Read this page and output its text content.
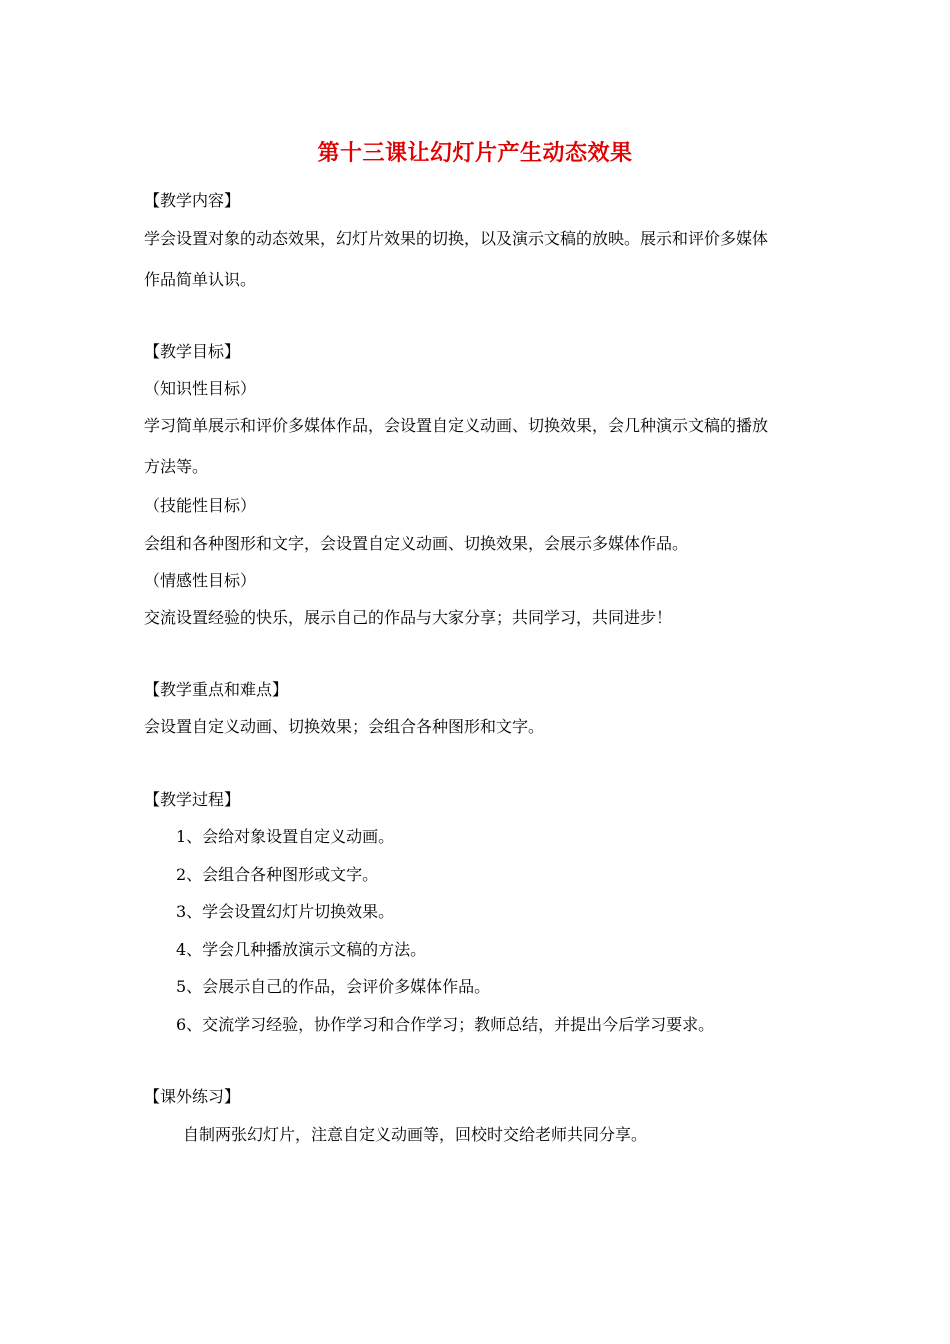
第十三课让幻灯片产生动态效果
【教学内容】
学会设置对象的动态效果，幻灯片效果的切换，以及演示文稿的放映。展示和评价多媒体
作品简单认识。
【教学目标】
（知识性目标）
学习简单展示和评价多媒体作品，会设置自定义动画、切换效果，会几种演示文稿的播放
方法等。
（技能性目标）
会组和各种图形和文字，会设置自定义动画、切换效果，会展示多媒体作品。
（情感性目标）
交流设置经验的快乐，展示自己的作品与大家分享；共同学习，共同进步！
【教学重点和难点】
会设置自定义动画、切换效果；会组合各种图形和文字。
【教学过程】
1、会给对象设置自定义动画。
2、会组合各种图形或文字。
3、学会设置幻灯片切换效果。
4、学会几种播放演示文稿的方法。
5、会展示自己的作品，会评价多媒体作品。
6、交流学习经验，协作学习和合作学习；教师总结，并提出今后学习要求。
【课外练习】
自制两张幻灯片，注意自定义动画等，回校时交给老师共同分享。
